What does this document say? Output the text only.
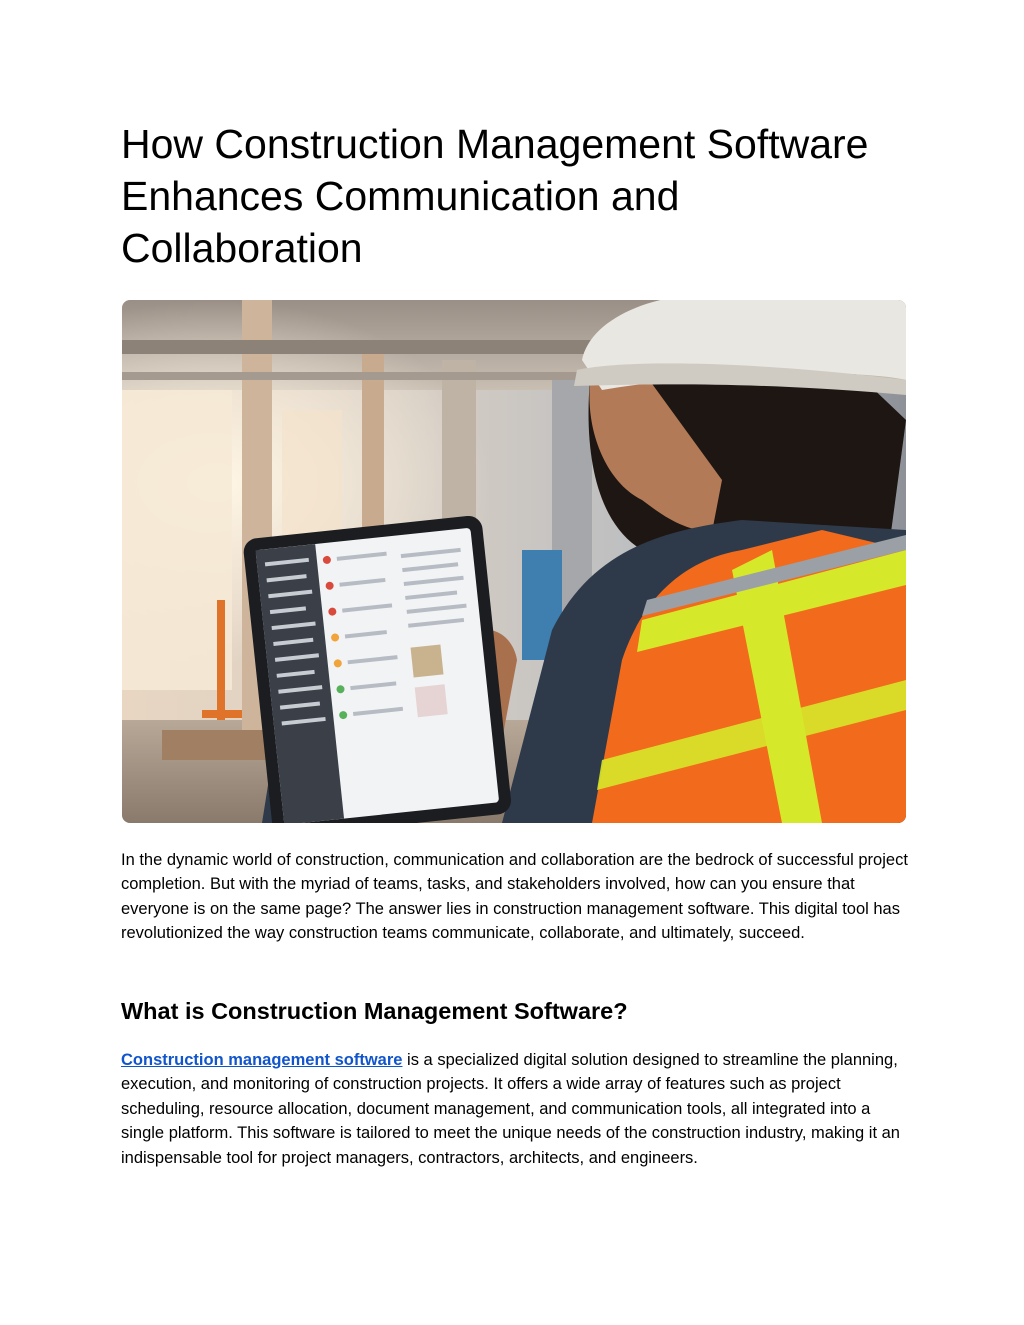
How Construction Management Software Enhances Communication and Collaboration

In the dynamic world of construction, communication and collaboration are the bedrock of successful project completion. But with the myriad of teams, tasks, and stakeholders involved, how can you ensure that everyone is on the same page? The answer lies in construction management software. This digital tool has revolutionized the way construction teams communicate, collaborate, and ultimately, succeed.

What is Construction Management Software?

Construction management software is a specialized digital solution designed to streamline the planning, execution, and monitoring of construction projects. It offers a wide array of features such as project scheduling, resource allocation, document management, and communication tools, all integrated into a single platform. This software is tailored to meet the unique needs of the construction industry, making it an indispensable tool for project managers, contractors, architects, and engineers.
